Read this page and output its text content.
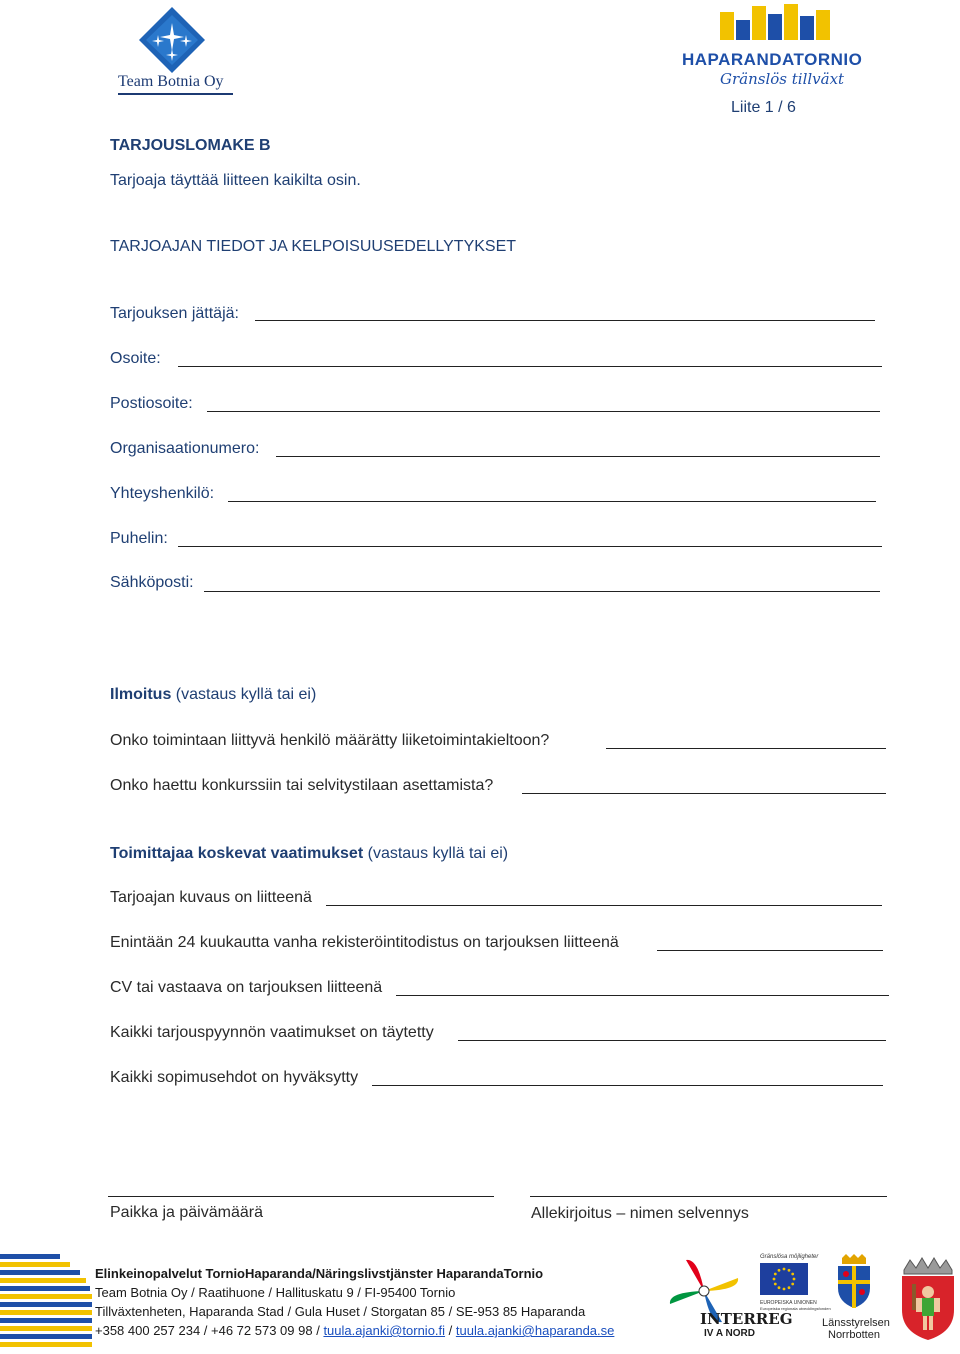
Team Botnia Oy
HAPARANDATORNIO
Gränslös tillväxt
Liite 1 / 6
TARJOUSLOMAKE B
Tarjoaja täyttää liitteen kaikilta osin.
TARJOAJAN TIEDOT JA KELPOISUUSEDELLYTYKSET
Tarjouksen jättäjä:
Osoite:
Postiosoite:
Organisaationumero:
Yhteyshenkilö:
Puhelin:
Sähköposti:
Ilmoitus (vastaus kyllä tai ei)
Onko toimintaan liittyvä henkilö määrätty liiketoimintakieltoon?
Onko haettu konkurssiin tai selvitystilaan asettamista?
Toimittajaa koskevat vaatimukset (vastaus kyllä tai ei)
Tarjoajan kuvaus on liitteenä
Enintään 24 kuukautta vanha rekisteröintitodistus on tarjouksen liitteenä
CV tai vastaava on tarjouksen liitteenä
Kaikki tarjouspyynnön vaatimukset on täytetty
Kaikki sopimusehdot on hyväksytty
Paikka ja päivämäärä	Allekirjoitus – nimen selvennys
Elinkeinopalvelut TornioHaparanda/Näringslivstjänster HaparandaTornio
Team Botnia Oy / Raatihuone / Hallituskatu 9 / FI-95400 Tornio
Tillväxtenheten, Haparanda Stad / Gula Huset / Storgatan 85 / SE-953 85 Haparanda
+358 400 257 234 / +46 72 573 09 98 / tuula.ajanki@tornio.fi / tuula.ajanki@haparanda.se
INTERREG
IV A NORD
Gränslösa möjligheter
EUROPEISKA UNIONEN
Europeiska regionala utvecklingsfonden
Länsstyrelsen
Norrbotten
